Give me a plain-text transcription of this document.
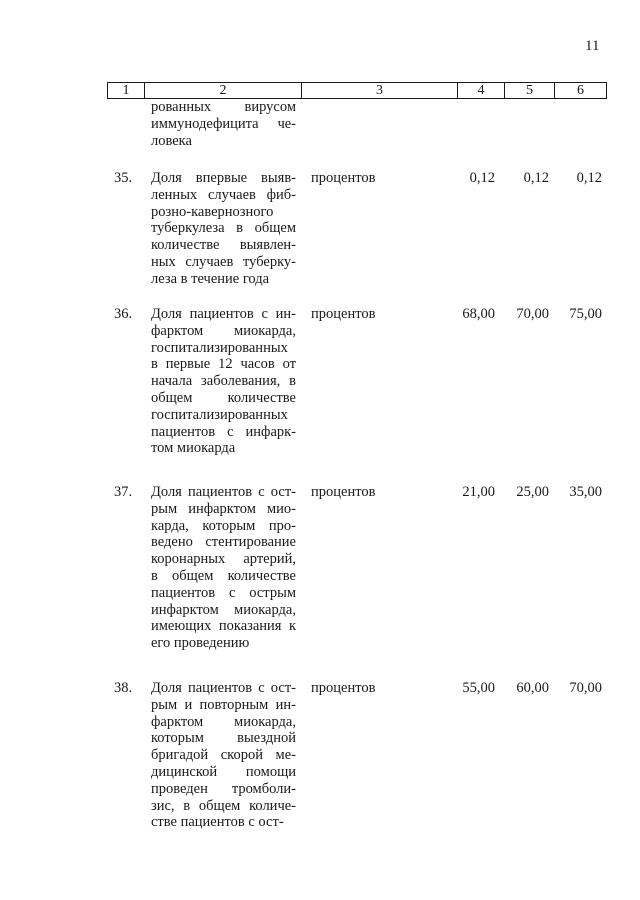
11
1	2	3	4	5	6
рованных вирусом
иммунодефицита че-
ловека
35. Доля впервые выяв-
ленных случаев фиб-
розно-кавернозного
туберкулеза в общем
количестве выявлен-
ных случаев туберку-
леза в течение года
процентов	0,12 0,12 0,12
36. Доля пациентов с ин-
фарктом миокарда,
госпитализированных
в первые 12 часов от
начала заболевания, в
общем количестве
госпитализированных
пациентов с инфарк-
том миокарда
процентов	68,00 70,00 75,00
37. Доля пациентов с ост-
рым инфарктом мио-
карда, которым про-
ведено стентирование
коронарных артерий,
в общем количестве
пациентов с острым
инфарктом миокарда,
имеющих показания к
его проведению
процентов	21,00 25,00 35,00
38. Доля пациентов с ост-
рым и повторным ин-
фарктом миокарда,
которым выездной
бригадой скорой ме-
дицинской помощи
проведен тромболи-
зис, в общем количе-
стве пациентов с ост-
процентов	55,00 60,00 70,00
